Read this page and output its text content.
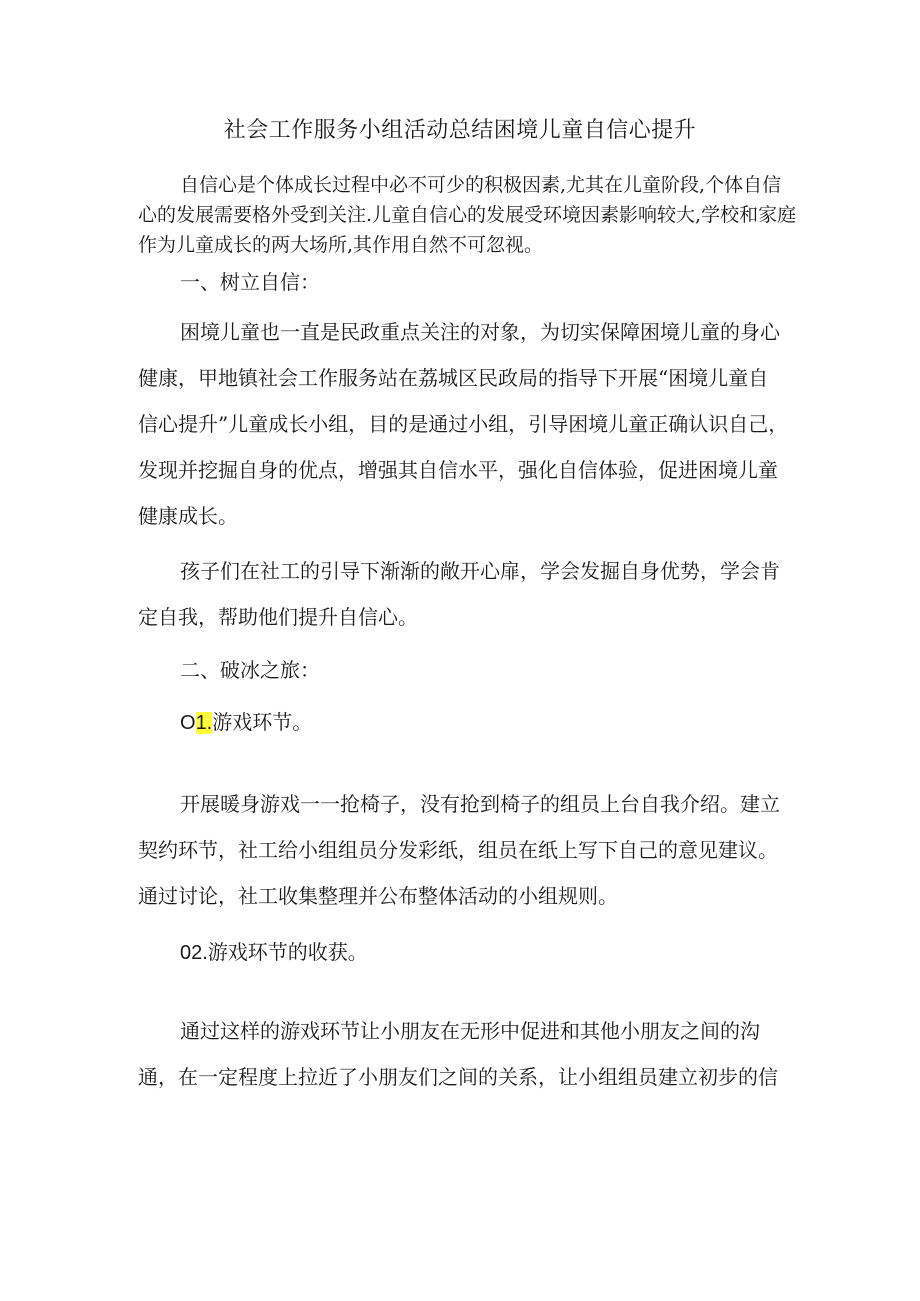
社会工作服务小组活动总结困境儿童自信心提升

自信心是个体成长过程中必不可少的积极因素,尤其在儿童阶段,个体自信心的发展需要格外受到关注.儿童自信心的发展受环境因素影响较大,学校和家庭作为儿童成长的两大场所,其作用自然不可忽视。

一、树立自信：

困境儿童也一直是民政重点关注的对象，为切实保障困境儿童的身心

健康，甲地镇社会工作服务站在荔城区民政局的指导下开展“困境儿童自

信心提升”儿童成长小组，目的是通过小组，引导困境儿童正确认识自己，

发现并挖掘自身的优点，增强其自信水平，强化自信体验，促进困境儿童

健康成长。

孩子们在社工的引导下渐渐的敞开心扉，学会发掘自身优势，学会肯

定自我，帮助他们提升自信心。

二、破冰之旅：

O1.游戏环节。

开展暖身游戏一一抢椅子，没有抢到椅子的组员上台自我介绍。建立

契约环节，社工给小组组员分发彩纸，组员在纸上写下自己的意见建议。

通过讨论，社工收集整理并公布整体活动的小组规则。

02.游戏环节的收获。

通过这样的游戏环节让小朋友在无形中促进和其他小朋友之间的沟

通，在一定程度上拉近了小朋友们之间的关系，让小组组员建立初步的信
